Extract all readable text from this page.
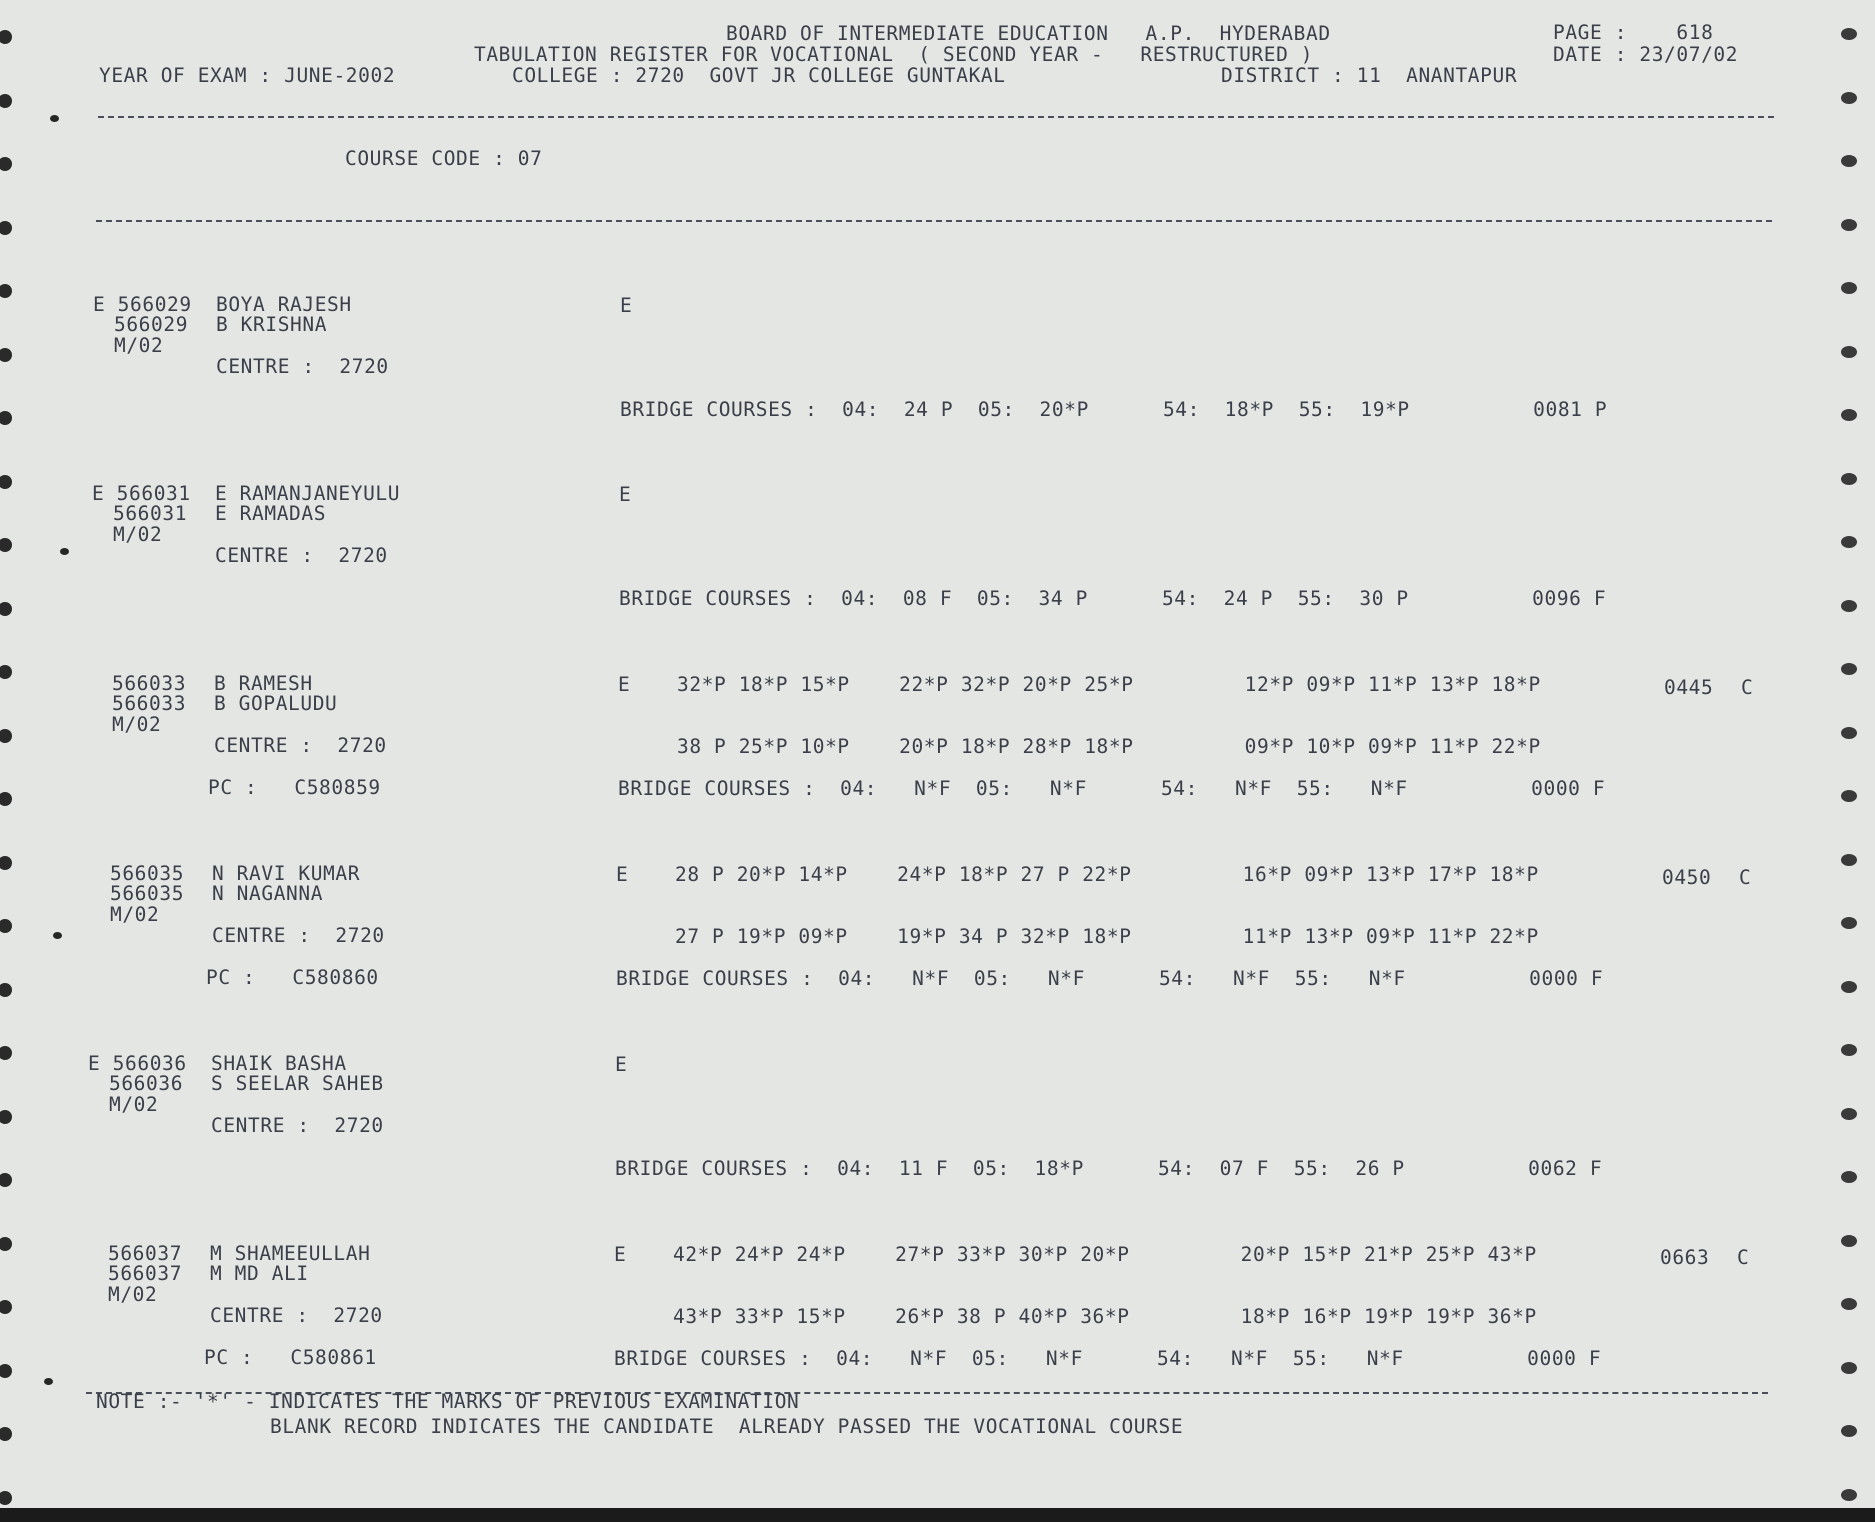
BOARD OF INTERMEDIATE EDUCATION   A.P.  HYDERABAD
TABULATION REGISTER FOR VOCATIONAL  ( SECOND YEAR -   RESTRUCTURED )
COLLEGE : 2720  GOVT JR COLLEGE GUNTAKAL	DISTRICT : 11  ANANTAPUR
YEAR OF EXAM : JUNE-2002
PAGE :    618
DATE : 23/07/02
COURSE CODE : 07
E 566029 BOYA RAJESH
566029 B KRISHNA
M/02
CENTRE :  2720
E
BRIDGE COURSES :  04:  24 P  05:  20*P      54:  18*P  55:  19*P          0081 P
E 566031 E RAMANJANEYULU
566031 E RAMADAS
M/02
CENTRE :  2720
E
BRIDGE COURSES :  04:  08 F  05:  34 P      54:  24 P  55:  30 P          0096 F
566033 B RAMESH
566033 B GOPALUDU
M/02
CENTRE :  2720
PC :   C580859
E 32*P 18*P 15*P    22*P 32*P 20*P 25*P         12*P 09*P 11*P 13*P 18*P
38 P 25*P 10*P    20*P 18*P 28*P 18*P         09*P 10*P 09*P 11*P 22*P
0445 C
BRIDGE COURSES :  04:   N*F  05:   N*F      54:   N*F  55:   N*F          0000 F
566035 N RAVI KUMAR
566035 N NAGANNA
M/02
CENTRE :  2720
PC :   C580860
E 28 P 20*P 14*P    24*P 18*P 27 P 22*P         16*P 09*P 13*P 17*P 18*P
27 P 19*P 09*P    19*P 34 P 32*P 18*P         11*P 13*P 09*P 11*P 22*P
0450 C
BRIDGE COURSES :  04:   N*F  05:   N*F      54:   N*F  55:   N*F          0000 F
E 566036 SHAIK BASHA
566036 S SEELAR SAHEB
M/02
CENTRE :  2720
E
BRIDGE COURSES :  04:  11 F  05:  18*P      54:  07 F  55:  26 P          0062 F
566037 M SHAMEEULLAH
566037 M MD ALI
M/02
CENTRE :  2720
PC :   C580861
E 42*P 24*P 24*P    27*P 33*P 30*P 20*P         20*P 15*P 21*P 25*P 43*P
43*P 33*P 15*P    26*P 38 P 40*P 36*P         18*P 16*P 19*P 19*P 36*P
0663 C
BRIDGE COURSES :  04:   N*F  05:   N*F      54:   N*F  55:   N*F          0000 F
NOTE :- '*' - INDICATES THE MARKS OF PREVIOUS EXAMINATION
BLANK RECORD INDICATES THE CANDIDATE  ALREADY PASSED THE VOCATIONAL COURSE
